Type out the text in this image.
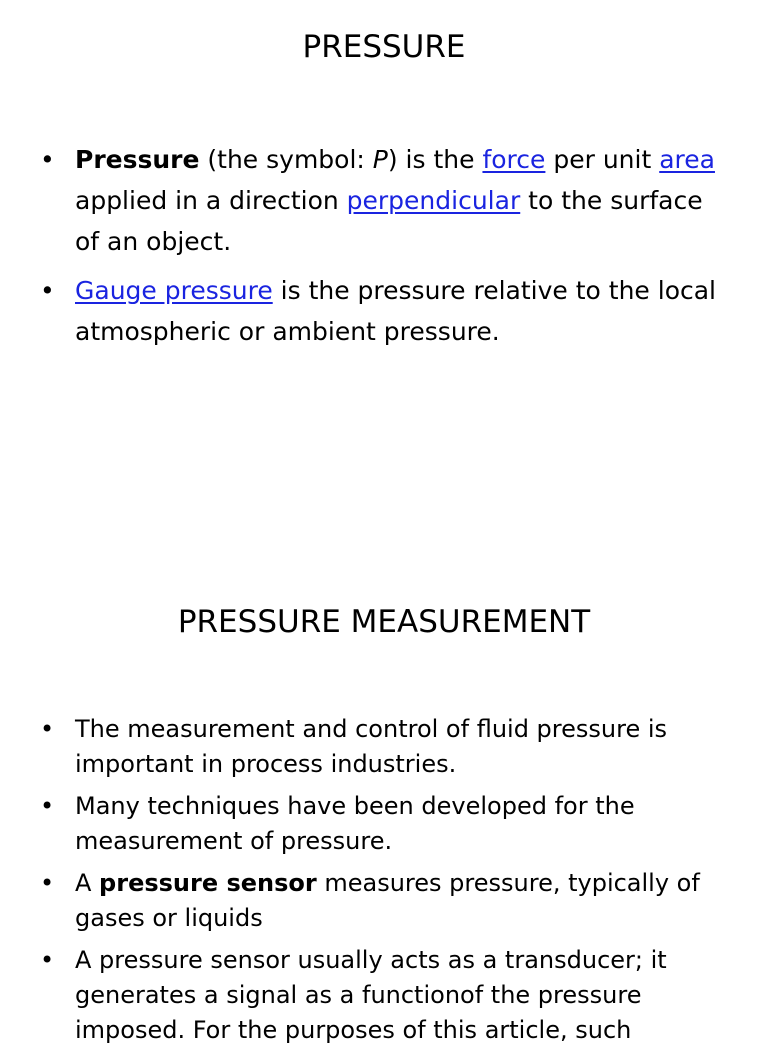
PRESSURE
• Pressure (the symbol: P) is the force per unit area applied in a direction perpendicular to the surface of an object.
• Gauge pressure is the pressure relative to the local atmospheric or ambient pressure.
PRESSURE MEASUREMENT
• The measurement and control of fluid pressure is important in process industries.
• Many techniques have been developed for the measurement of pressure.
• A pressure sensor measures pressure, typically of gases or liquids
• A pressure sensor usually acts as a transducer; it generates a signal as a functionof the pressure imposed. For the purposes of this article, such
